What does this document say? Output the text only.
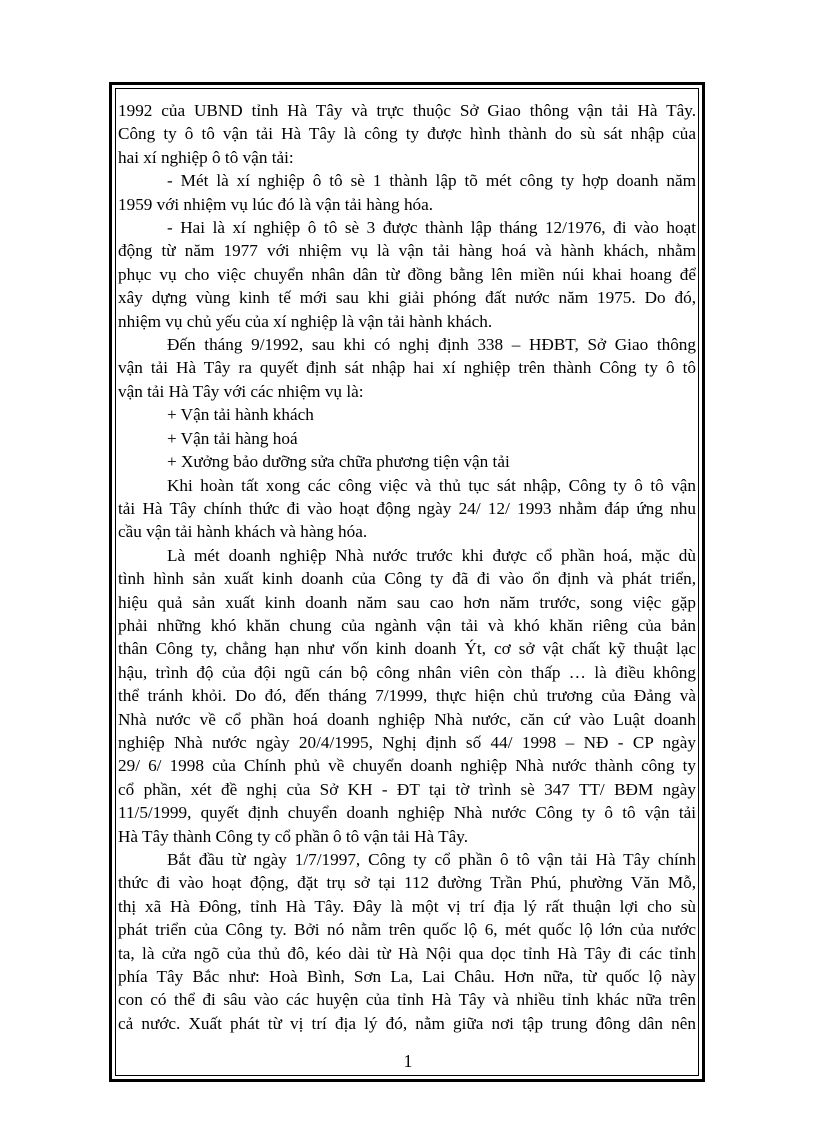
1992 của UBND tỉnh Hà Tây và trực thuộc Sở Giao thông vận tải Hà Tây.
Công ty ô tô vận tải Hà Tây là công ty được hình thành do sù sát nhập của
hai xí nghiệp ô tô vận tải:
- Mét là xí nghiệp ô tô sè 1 thành lập tõ mét công ty hợp doanh năm
1959 với nhiệm vụ lúc đó là vận tải hàng hóa.
- Hai là xí nghiệp ô tô sè 3 được thành lập tháng 12/1976, đi vào hoạt
động từ năm 1977 với nhiệm vụ là vận tải hàng hoá và hành khách, nhằm
phục vụ cho việc chuyển nhân dân từ đồng bằng lên miền núi khai hoang để
xây dựng vùng kinh tế mới sau khi giải phóng đất nước năm 1975. Do đó,
nhiệm vụ chủ yếu của xí nghiệp là vận tải hành khách.
Đến tháng 9/1992, sau khi có nghị định 338 – HĐBT, Sở Giao thông
vận tải Hà Tây ra quyết định sát nhập hai xí nghiệp trên thành Công ty ô tô
vận tải Hà Tây với các nhiệm vụ là:
+ Vận tải hành khách
+ Vận tải hàng hoá
+ Xưởng bảo dưỡng sửa chữa phương tiện vận tải
Khi hoàn tất xong các công việc và thủ tục sát nhập, Công ty ô tô vận
tải Hà Tây chính thức đi vào hoạt động ngày 24/ 12/ 1993 nhằm đáp ứng nhu
cầu vận tải hành khách và hàng hóa.
Là mét doanh nghiệp Nhà nước trước khi được cổ phần hoá, mặc dù
tình hình sản xuất kinh doanh của Công ty đã đi vào ổn định và phát triển,
hiệu quả sản xuất kinh doanh năm sau cao hơn năm trước, song việc gặp
phải những khó khăn chung của ngành vận tải và khó khăn riêng của bản
thân Công ty, chẳng hạn như vốn kinh doanh Ýt, cơ sở vật chất kỹ thuật lạc
hậu, trình độ của đội ngũ cán bộ công nhân viên còn thấp … là điều không
thể tránh khỏi. Do đó, đến tháng 7/1999, thực hiện chủ trương của Đảng và
Nhà nước về cổ phần hoá doanh nghiệp Nhà nước, căn cứ vào Luật doanh
nghiệp Nhà nước ngày 20/4/1995, Nghị định số 44/ 1998 – NĐ - CP ngày
29/ 6/ 1998 của Chính phủ về chuyển doanh nghiệp Nhà nước thành công ty
cổ phần, xét đề nghị của Sở KH - ĐT tại tờ trình sè 347 TT/ BĐM ngày
11/5/1999, quyết định chuyển doanh nghiệp Nhà nước Công ty ô tô vận tải
Hà Tây thành Công ty cổ phần ô tô vận tải Hà Tây.
Bắt đầu từ ngày 1/7/1997, Công ty cổ phần ô tô vận tải Hà Tây chính
thức đi vào hoạt động, đặt trụ sở tại 112 đường Trần Phú, phường Văn Mỗ,
thị xã Hà Đông, tỉnh Hà Tây. Đây là một vị trí địa lý rất thuận lợi cho sù
phát triển của Công ty. Bởi nó nằm trên quốc lộ 6, mét quốc lộ lớn của nước
ta, là cửa ngõ của thủ đô, kéo dài từ Hà Nội qua dọc tỉnh Hà Tây đi các tỉnh
phía Tây Bắc như: Hoà Bình, Sơn La, Lai Châu. Hơn nữa, từ quốc lộ này
con có thể đi sâu vào các huyện của tỉnh Hà Tây và nhiều tỉnh khác nữa trên
cả nước. Xuất phát từ vị trí địa lý đó, nằm giữa nơi tập trung đông dân nên
1
